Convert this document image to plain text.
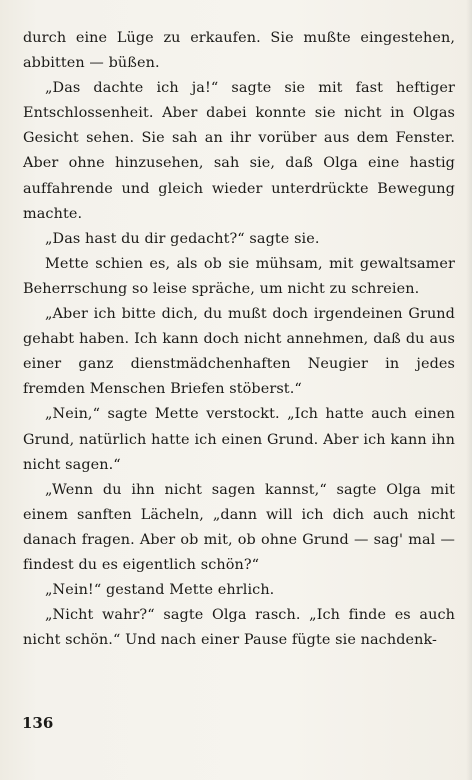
durch eine Lüge zu erkaufen. Sie mußte eingestehen, abbitten — büßen.

„Das dachte ich ja!“ sagte sie mit fast heftiger Entschlossenheit. Aber dabei konnte sie nicht in Olgas Gesicht sehen. Sie sah an ihr vorüber aus dem Fenster. Aber ohne hinzusehen, sah sie, daß Olga eine hastig auffahrende und gleich wieder unterdrückte Bewegung machte.

„Das hast du dir gedacht?“ sagte sie.

Mette schien es, als ob sie mühsam, mit gewaltsamer Beherrschung so leise spräche, um nicht zu schreien.

„Aber ich bitte dich, du mußt doch irgendeinen Grund gehabt haben. Ich kann doch nicht annehmen, daß du aus einer ganz dienstmädchenhaften Neugier in jedes fremden Menschen Briefen stöberst.“

„Nein,“ sagte Mette verstockt. „Ich hatte auch einen Grund, natürlich hatte ich einen Grund. Aber ich kann ihn nicht sagen.“

„Wenn du ihn nicht sagen kannst,“ sagte Olga mit einem sanften Lächeln, „dann will ich dich auch nicht danach fragen. Aber ob mit, ob ohne Grund — sag' mal — findest du es eigentlich schön?“

„Nein!“ gestand Mette ehrlich.

„Nicht wahr?“ sagte Olga rasch. „Ich finde es auch nicht schön.“ Und nach einer Pause fügte sie nachdenk-

136
